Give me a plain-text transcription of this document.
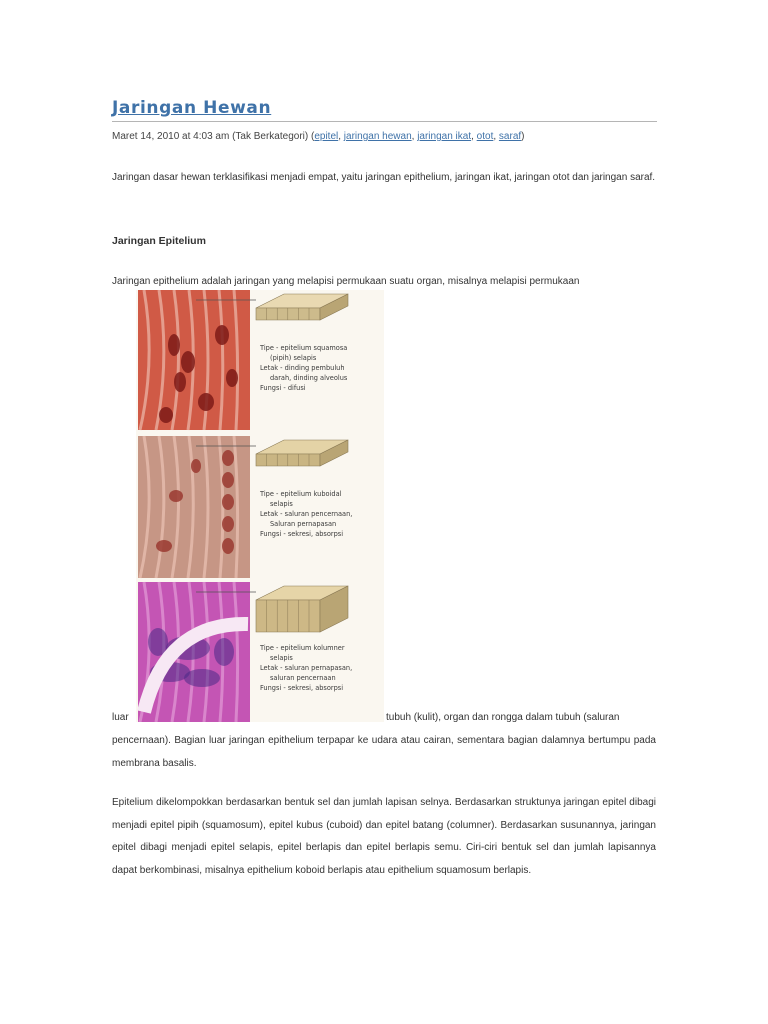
Jaringan Hewan
Maret 14, 2010 at 4:03 am (Tak Berkategori) (epitel, jaringan hewan, jaringan ikat, otot, saraf)
Jaringan dasar hewan terklasifikasi menjadi empat, yaitu jaringan epithelium, jaringan ikat, jaringan otot dan jaringan saraf.
Jaringan Epitelium
Jaringan epithelium adalah jaringan yang melapisi permukaan suatu organ, misalnya melapisi permukaan
Tipe - epitelium squamosa
(pipih) selapis
Letak - dinding pembuluh
darah, dinding alveolus
Fungsi - difusi
Tipe - epitelium kuboidal
selapis
Letak - saluran pencernaan,
Saluran pernapasan
Fungsi - sekresi, absorpsi
Tipe - epitelium kolumner
selapis
Letak - saluran pernapasan,
saluran pencernaan
Fungsi - sekresi, absorpsi
luar	tubuh (kulit), organ dan rongga dalam tubuh (saluran
pencernaan). Bagian luar jaringan epithelium terpapar ke udara atau cairan, sementara bagian dalamnya bertumpu pada membrana basalis.
Epitelium dikelompokkan berdasarkan bentuk sel dan jumlah lapisan selnya. Berdasarkan struktunya jaringan epitel dibagi menjadi epitel pipih (squamosum), epitel kubus (cuboid) dan epitel batang (columner). Berdasarkan susunannya, jaringan epitel dibagi menjadi epitel selapis, epitel berlapis dan epitel berlapis semu. Ciri-ciri bentuk sel dan jumlah lapisannya dapat berkombinasi, misalnya epithelium koboid berlapis atau epithelium squamosum berlapis.
